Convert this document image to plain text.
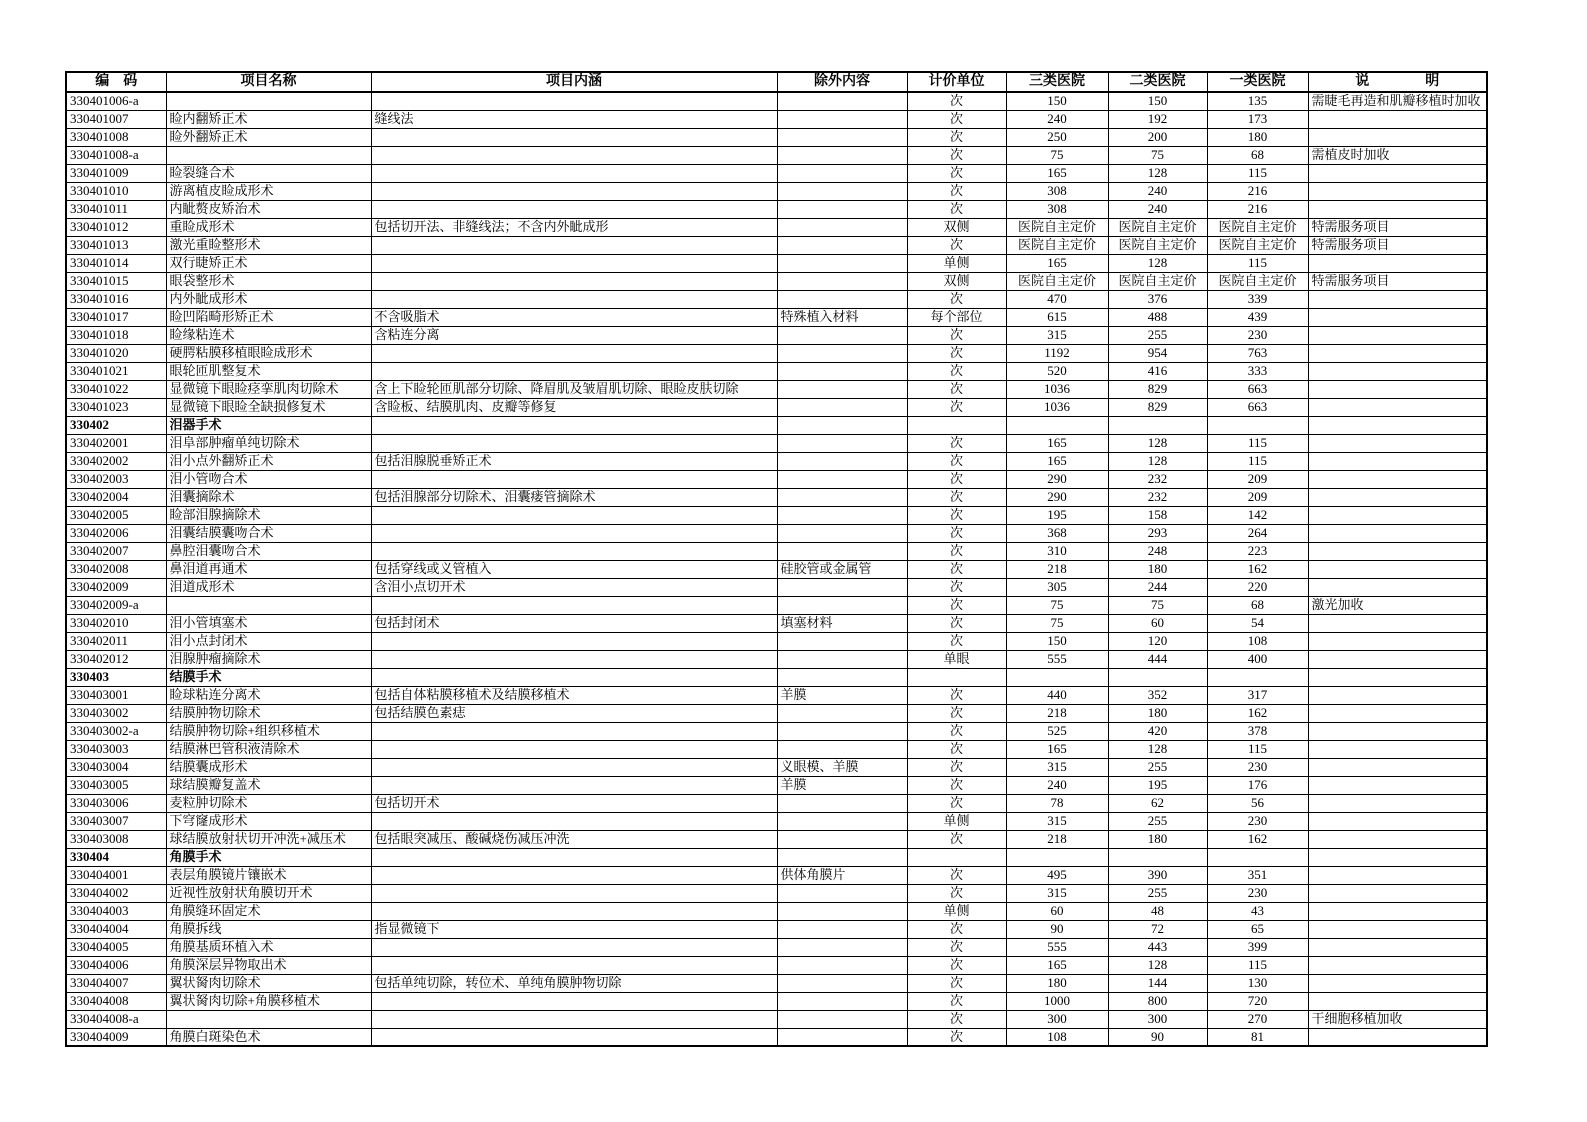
编　码	项目名称	项目内涵	除外内容	计价单位	三类医院	二类医院	一类医院	说　　　　明
330401006-a				次	150	150	135	需睫毛再造和肌瓣移植时加收
330401007	睑内翻矫正术	缝线法		次	240	192	173	
330401008	睑外翻矫正术			次	250	200	180	
330401008-a				次	75	75	68	需植皮时加收
330401009	睑裂缝合术			次	165	128	115	
330401010	游离植皮睑成形术			次	308	240	216	
330401011	内眦赘皮矫治术			次	308	240	216	
330401012	重睑成形术	包括切开法、非缝线法；不含内外眦成形		双侧	医院自主定价	医院自主定价	医院自主定价	特需服务项目
330401013	激光重睑整形术			次	医院自主定价	医院自主定价	医院自主定价	特需服务项目
330401014	双行睫矫正术			单侧	165	128	115	
330401015	眼袋整形术			双侧	医院自主定价	医院自主定价	医院自主定价	特需服务项目
330401016	内外眦成形术			次	470	376	339	
330401017	睑凹陷畸形矫正术	不含吸脂术	特殊植入材料	每个部位	615	488	439	
330401018	睑缘粘连术	含粘连分离		次	315	255	230	
330401020	硬腭粘膜移植眼睑成形术			次	1192	954	763	
330401021	眼轮匝肌整复术			次	520	416	333	
330401022	显微镜下眼睑痉挛肌肉切除术	含上下睑轮匝肌部分切除、降眉肌及皱眉肌切除、眼睑皮肤切除		次	1036	829	663	
330401023	显微镜下眼睑全缺损修复术	含睑板、结膜肌肉、皮瓣等修复		次	1036	829	663	
330402	泪器手术							
330402001	泪阜部肿瘤单纯切除术			次	165	128	115	
330402002	泪小点外翻矫正术	包括泪腺脱垂矫正术		次	165	128	115	
330402003	泪小管吻合术			次	290	232	209	
330402004	泪囊摘除术	包括泪腺部分切除术、泪囊瘘管摘除术		次	290	232	209	
330402005	睑部泪腺摘除术			次	195	158	142	
330402006	泪囊结膜囊吻合术			次	368	293	264	
330402007	鼻腔泪囊吻合术			次	310	248	223	
330402008	鼻泪道再通术	包括穿线或义管植入	硅胶管或金属管	次	218	180	162	
330402009	泪道成形术	含泪小点切开术		次	305	244	220	
330402009-a				次	75	75	68	激光加收
330402010	泪小管填塞术	包括封闭术	填塞材料	次	75	60	54	
330402011	泪小点封闭术			次	150	120	108	
330402012	泪腺肿瘤摘除术			单眼	555	444	400	
330403	结膜手术							
330403001	睑球粘连分离术	包括自体粘膜移植术及结膜移植术	羊膜	次	440	352	317	
330403002	结膜肿物切除术	包括结膜色素痣		次	218	180	162	
330403002-a	结膜肿物切除+组织移植术			次	525	420	378	
330403003	结膜淋巴管积液清除术			次	165	128	115	
330403004	结膜囊成形术		义眼模、羊膜	次	315	255	230	
330403005	球结膜瓣复盖术		羊膜	次	240	195	176	
330403006	麦粒肿切除术	包括切开术		次	78	62	56	
330403007	下穹窿成形术			单侧	315	255	230	
330403008	球结膜放射状切开冲洗+减压术	包括眼突减压、酸碱烧伤减压冲洗		次	218	180	162	
330404	角膜手术							
330404001	表层角膜镜片镶嵌术		供体角膜片	次	495	390	351	
330404002	近视性放射状角膜切开术			次	315	255	230	
330404003	角膜缝环固定术			单侧	60	48	43	
330404004	角膜拆线	指显微镜下		次	90	72	65	
330404005	角膜基质环植入术			次	555	443	399	
330404006	角膜深层异物取出术			次	165	128	115	
330404007	翼状胬肉切除术	包括单纯切除，转位术、单纯角膜肿物切除		次	180	144	130	
330404008	翼状胬肉切除+角膜移植术			次	1000	800	720	
330404008-a				次	300	300	270	干细胞移植加收
330404009	角膜白斑染色术			次	108	90	81	
